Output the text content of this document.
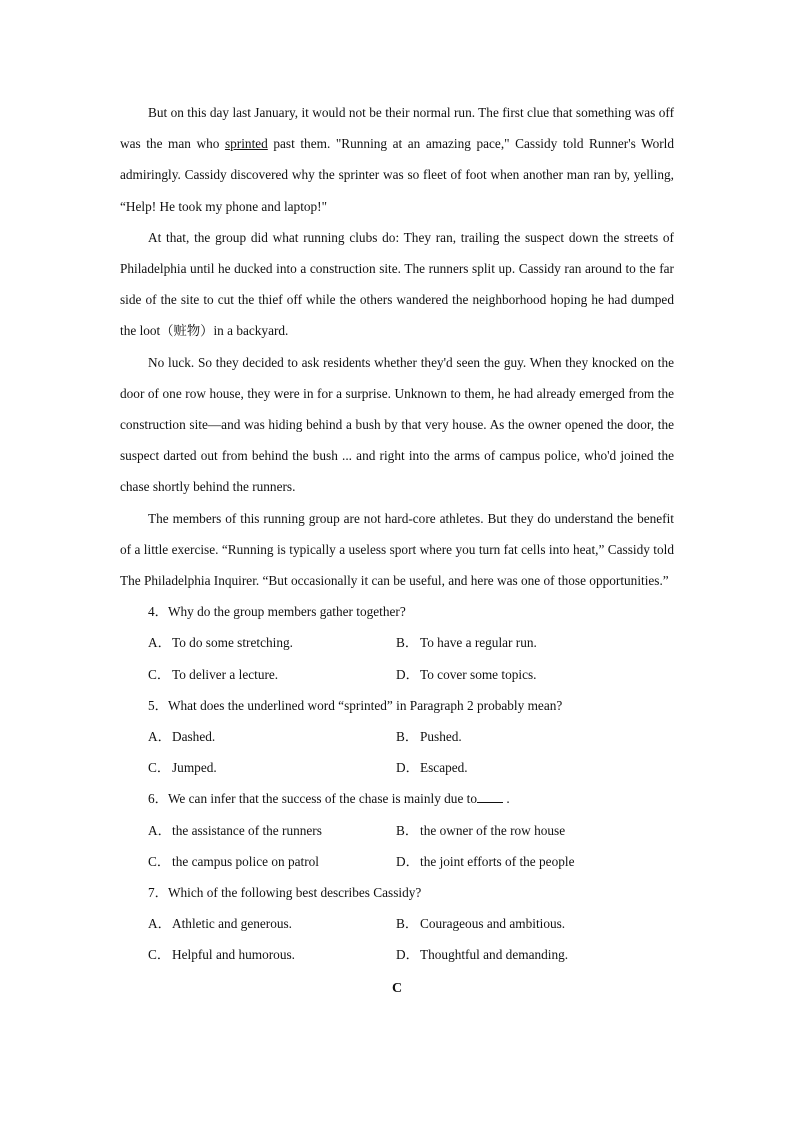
But on this day last January, it would not be their normal run. The first clue that something was off was the man who sprinted past them. "Running at an amazing pace," Cassidy told Runner's World admiringly. Cassidy discovered why the sprinter was so fleet of foot when another man ran by, yelling, “Help! He took my phone and laptop!"

At that, the group did what running clubs do: They ran, trailing the suspect down the streets of Philadelphia until he ducked into a construction site. The runners split up. Cassidy ran around to the far side of the site to cut the thief off while the others wandered the neighborhood hoping he had dumped the loot（赃物）in a backyard.

No luck. So they decided to ask residents whether they'd seen the guy. When they knocked on the door of one row house, they were in for a surprise. Unknown to them, he had already emerged from the construction site—and was hiding behind a bush by that very house. As the owner opened the door, the suspect darted out from behind the bush ... and right into the arms of campus police, who'd joined the chase shortly behind the runners.

The members of this running group are not hard-core athletes. But they do understand the benefit of a little exercise. “Running is typically a useless sport where you turn fat cells into heat,” Cassidy told The Philadelphia Inquirer. “But occasionally it can be useful, and here was one of those opportunities.”

4．Why do the group members gather together?

A．To do some stretching.	B． To have a regular run.
C． To deliver a lecture.	D．To cover some topics.

5．What does the underlined word “sprinted” in Paragraph 2 probably mean?

A．Dashed.	B． Pushed.
C． Jumped.	D．Escaped.

6．We can infer that the success of the chase is mainly due to .

A．the assistance of the runners	B． the owner of the row house
C． the campus police on patrol	D．the joint efforts of the people

7．Which of the following best describes Cassidy?

A．Athletic and generous.	B． Courageous and ambitious.
C． Helpful and humorous.	D．Thoughtful and demanding.
C
